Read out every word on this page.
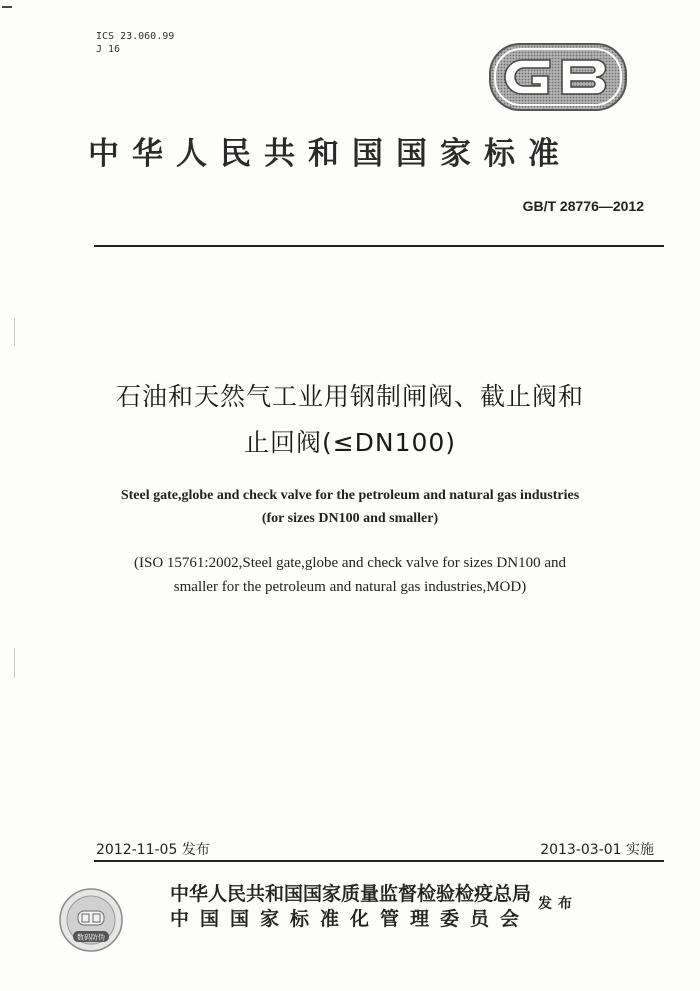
ICS 23.060.99
J 16
中华人民共和国国家标准
GB/T 28776—2012
石油和天然气工业用钢制闸阀、截止阀和
止回阀(≤DN100)
Steel gate,globe and check valve for the petroleum and natural gas industries
(for sizes DN100 and smaller)
(ISO 15761:2002,Steel gate,globe and check valve for sizes DN100 and
smaller for the petroleum and natural gas industries,MOD)
2012-11-05 发布	2013-03-01 实施
数码防伪
中华人民共和国国家质量监督检验检疫总局
中国国家标准化管理委员会
发布
